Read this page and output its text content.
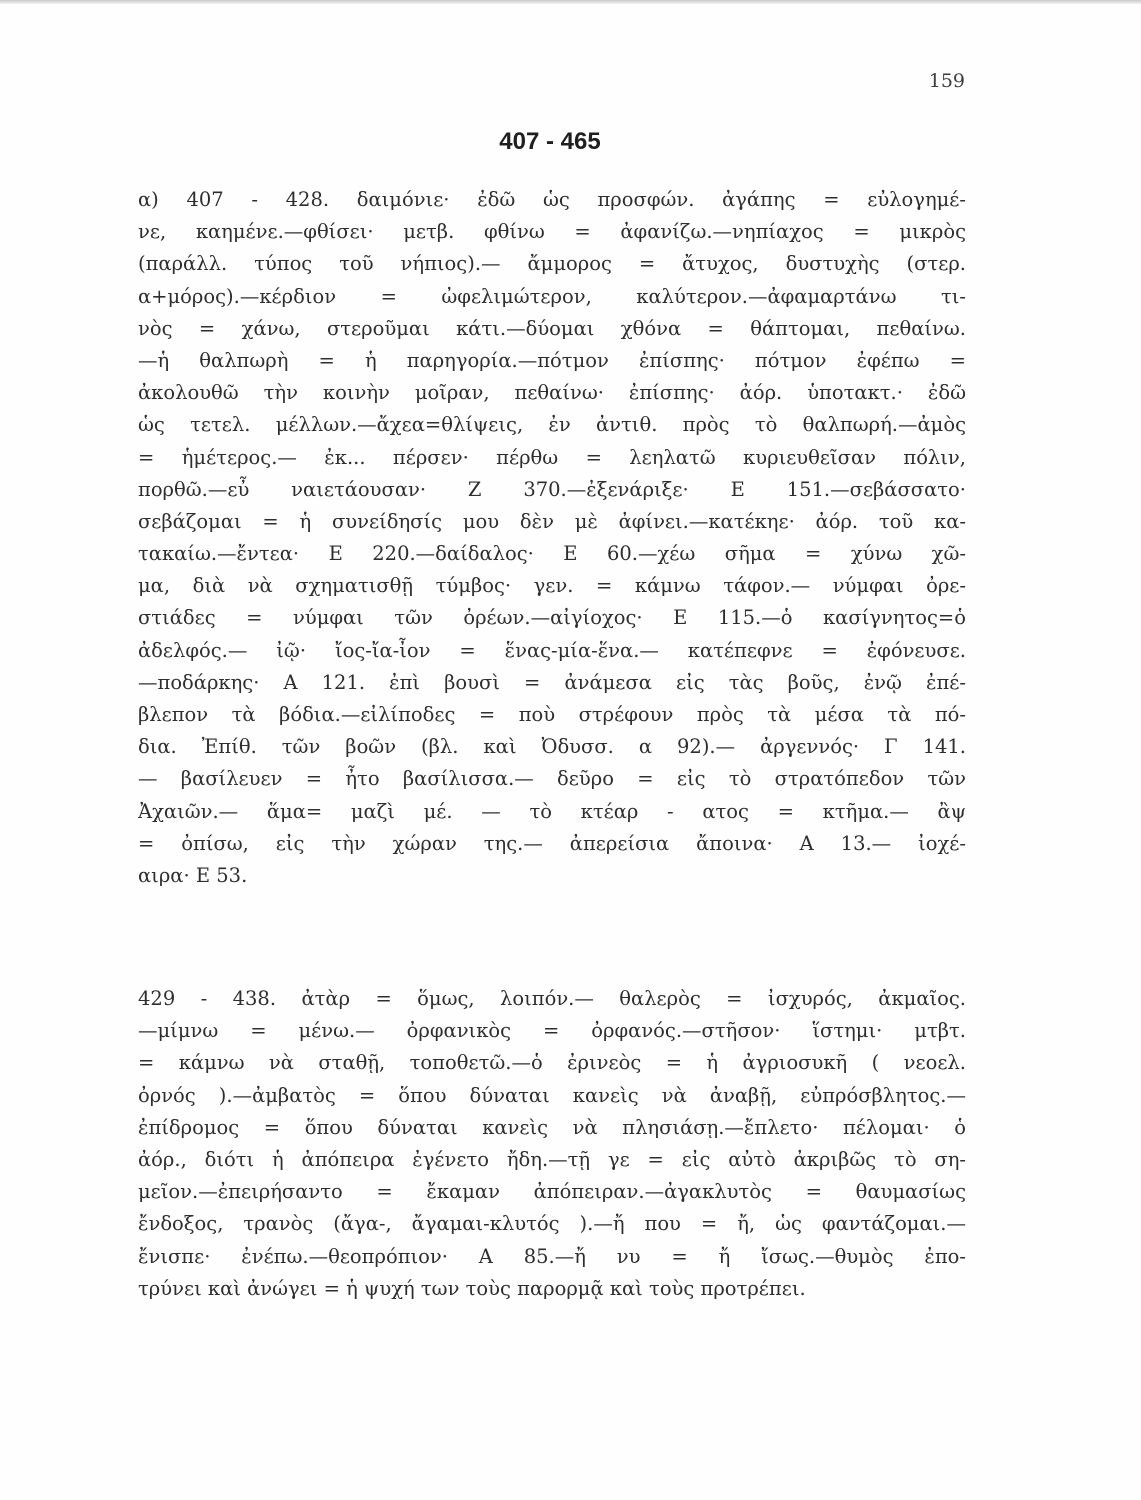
159
407 - 465
α) 407 - 428. δαιμόνιε· ἐδῶ ὡς προσφών. ἀγάπης = εὐλογημέ-
νε, καημένε.—φθίσει· μετβ. φθίνω = ἀφανίζω.—νηπίαχος = μικρὸς
(παράλλ. τύπος τοῦ νήπιος).— ἄμμορος = ἄτυχος, δυστυχὴς (στερ.
α+μόρος).—κέρδιον = ὠφελιμώτερον, καλύτερον.—ἀφαμαρτάνω τι-
νὸς = χάνω, στεροῦμαι κάτι.—δύομαι χθόνα = θάπτομαι, πεθαίνω.
—ἡ θαλπωρὴ = ἡ παρηγορία.—πότμον ἐπίσπης· πότμον ἐφέπω =
ἀκολουθῶ τὴν κοινὴν μοῖραν, πεθαίνω· ἐπίσπης· ἀόρ. ὑποτακτ.· ἐδῶ
ὡς τετελ. μέλλων.—ἄχεα=θλίψεις, ἐν ἀντιθ. πρὸς τὸ θαλπωρή.—ἀμὸς
= ἡμέτερος.— ἐκ... πέρσεν· πέρθω = λεηλατῶ κυριευθεῖσαν πόλιν,
πορθῶ.—εὖ ναιετάουσαν· Ζ 370.—ἐξενάριξε· Ε 151.—σεβάσσατο·
σεβάζομαι = ἡ συνείδησίς μου δὲν μὲ ἀφίνει.—κατέκηε· ἀόρ. τοῦ κα-
τακαίω.—ἔντεα· Ε 220.—δαίδαλος· Ε 60.—χέω σῆμα = χύνω χῶ-
μα, διὰ νὰ σχηματισθῇ τύμβος· γεν. = κάμνω τάφον.— νύμφαι ὀρε-
στιάδες = νύμφαι τῶν ὀρέων.—αἰγίοχος· Ε 115.—ὁ κασίγνητος=ὁ
ἀδελφός.— ἰῷ· ἴος-ἴα-ἶον = ἕνας-μία-ἕνα.— κατέπεφνε = ἐφόνευσε.
—ποδάρκης· Α 121. ἐπὶ βουσὶ = ἀνάμεσα εἰς τὰς βοῦς, ἐνῷ ἐπέ-
βλεπον τὰ βόδια.—εἰλίποδες = ποὺ στρέφουν πρὸς τὰ μέσα τὰ πό-
δια. Ἐπίθ. τῶν βοῶν (βλ. καὶ Ὀδυσσ. α 92).— ἀργεννός· Γ 141.
— βασίλευεν = ἦτο βασίλισσα.— δεῦρο = εἰς τὸ στρατόπεδον τῶν
Ἀχαιῶν.— ἅμα= μαζὶ μέ. — τὸ κτέαρ - ατος = κτῆμα.— ἂψ
= ὀπίσω, εἰς τὴν χώραν της.— ἀπερείσια ἄποινα· Α 13.— ἰοχέ-
αιρα· Ε 53.
429 - 438. ἀτὰρ = ὅμως, λοιπόν.— θαλερὸς = ἰσχυρός, ἀκμαῖος.
—μίμνω = μένω.— ὀρφανικὸς = ὀρφανός.—στῆσον· ἵστημι· μτβτ.
= κάμνω νὰ σταθῇ, τοποθετῶ.—ὁ ἐρινεὸς = ἡ ἀγριοσυκῆ ( νεοελ.
ὀρνός ).—ἀμβατὸς = ὅπου δύναται κανεὶς νὰ ἀναβῇ, εὐπρόσβλητος.—
ἐπίδρομος = ὅπου δύναται κανεὶς νὰ πλησιάσῃ.—ἔπλετο· πέλομαι· ὁ
ἀόρ., διότι ἡ ἀπόπειρα ἐγένετο ἤδη.—τῇ γε = εἰς αὐτὸ ἀκριβῶς τὸ ση-
μεῖον.—ἐπειρήσαντο = ἔκαμαν ἀπόπειραν.—ἀγακλυτὸς = θαυμασίως
ἔνδοξος, τρανὸς (ἄγα-, ἄγαμαι-κλυτός ).—ἤ που = ἤ, ὡς φαντάζομαι.—
ἔνισπε· ἐνέπω.—θεοπρόπιον· Α 85.—ἤ νυ = ἤ ἴσως.—θυμὸς ἐπο-
τρύνει καὶ ἀνώγει = ἡ ψυχή των τοὺς παρορμᾷ καὶ τοὺς προτρέπει.
